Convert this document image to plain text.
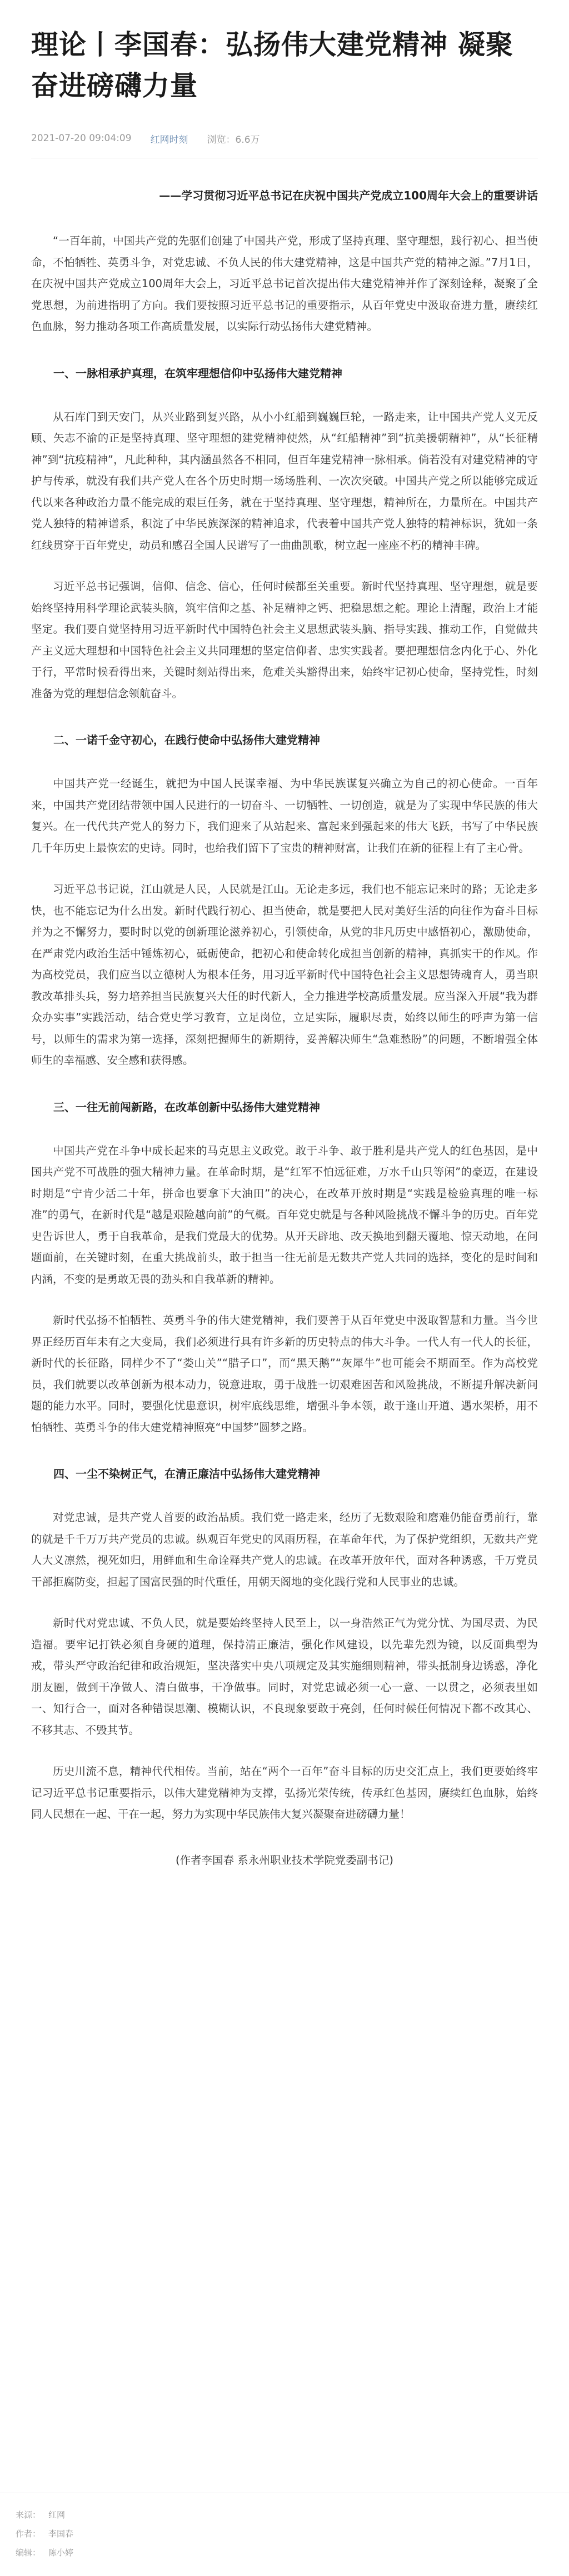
理论丨李国春：弘扬伟大建党精神 凝聚奋进磅礴力量
2021-07-20 09:04:09 红网时刻 浏览：6.6万

——学习贯彻习近平总书记在庆祝中国共产党成立100周年大会上的重要讲话

“一百年前，中国共产党的先驱们创建了中国共产党，形成了坚持真理、坚守理想，践行初心、担当使命，不怕牺牲、英勇斗争，对党忠诚、不负人民的伟大建党精神，这是中国共产党的精神之源。”7月1日，在庆祝中国共产党成立100周年大会上，习近平总书记首次提出伟大建党精神并作了深刻诠释，凝聚了全党思想，为前进指明了方向。我们要按照习近平总书记的重要指示，从百年党史中汲取奋进力量，赓续红色血脉，努力推动各项工作高质量发展，以实际行动弘扬伟大建党精神。

一、一脉相承护真理，在筑牢理想信仰中弘扬伟大建党精神

从石库门到天安门，从兴业路到复兴路，从小小红船到巍巍巨轮，一路走来，让中国共产党人义无反顾、矢志不渝的正是坚持真理、坚守理想的建党精神使然，从“红船精神”到“抗美援朝精神”，从“长征精神”到“抗疫精神”，凡此种种，其内涵虽然各不相同，但百年建党精神一脉相承。倘若没有对建党精神的守护与传承，就没有我们共产党人在各个历史时期一场场胜利、一次次突破。中国共产党之所以能够完成近代以来各种政治力量不能完成的艰巨任务，就在于坚持真理、坚守理想，精神所在，力量所在。中国共产党人独特的精神谱系，积淀了中华民族深深的精神追求，代表着中国共产党人独特的精神标识，犹如一条红线贯穿于百年党史，动员和感召全国人民谱写了一曲曲凯歌，树立起一座座不朽的精神丰碑。

习近平总书记强调，信仰、信念、信心，任何时候都至关重要。新时代坚持真理、坚守理想，就是要始终坚持用科学理论武装头脑，筑牢信仰之基、补足精神之钙、把稳思想之舵。理论上清醒，政治上才能坚定。我们要自觉坚持用习近平新时代中国特色社会主义思想武装头脑、指导实践、推动工作，自觉做共产主义远大理想和中国特色社会主义共同理想的坚定信仰者、忠实实践者。要把理想信念内化于心、外化于行，平常时候看得出来，关键时刻站得出来，危难关头豁得出来，始终牢记初心使命，坚持党性，时刻准备为党的理想信念领航奋斗。

二、一诺千金守初心，在践行使命中弘扬伟大建党精神

中国共产党一经诞生，就把为中国人民谋幸福、为中华民族谋复兴确立为自己的初心使命。一百年来，中国共产党团结带领中国人民进行的一切奋斗、一切牺牲、一切创造，就是为了实现中华民族的伟大复兴。在一代代共产党人的努力下，我们迎来了从站起来、富起来到强起来的伟大飞跃，书写了中华民族几千年历史上最恢宏的史诗。同时，也给我们留下了宝贵的精神财富，让我们在新的征程上有了主心骨。

习近平总书记说，江山就是人民，人民就是江山。无论走多远，我们也不能忘记来时的路；无论走多快，也不能忘记为什么出发。新时代践行初心、担当使命，就是要把人民对美好生活的向往作为奋斗目标并为之不懈努力，要时时以党的创新理论滋养初心，引领使命，从党的非凡历史中感悟初心，激励使命，在严肃党内政治生活中锤炼初心，砥砺使命，把初心和使命转化成担当创新的精神，真抓实干的作风。作为高校党员，我们应当以立德树人为根本任务，用习近平新时代中国特色社会主义思想铸魂育人，勇当职教改革排头兵，努力培养担当民族复兴大任的时代新人，全力推进学校高质量发展。应当深入开展“我为群众办实事”实践活动，结合党史学习教育，立足岗位，立足实际，履职尽责，始终以师生的呼声为第一信号，以师生的需求为第一选择，深刻把握师生的新期待，妥善解决师生“急难愁盼”的问题，不断增强全体师生的幸福感、安全感和获得感。

三、一往无前闯新路，在改革创新中弘扬伟大建党精神

中国共产党在斗争中成长起来的马克思主义政党。敢于斗争、敢于胜利是共产党人的红色基因，是中国共产党不可战胜的强大精神力量。在革命时期，是“红军不怕远征难，万水千山只等闲”的豪迈，在建设时期是“宁肯少活二十年，拼命也要拿下大油田”的决心，在改革开放时期是“实践是检验真理的唯一标准”的勇气，在新时代是“越是艰险越向前”的气概。百年党史就是与各种风险挑战不懈斗争的历史。百年党史告诉世人，勇于自我革命，是我们党最大的优势。从开天辟地、改天换地到翻天覆地、惊天动地，在问题面前，在关键时刻，在重大挑战前头，敢于担当一往无前是无数共产党人共同的选择，变化的是时间和内涵，不变的是勇敢无畏的劲头和自我革新的精神。

新时代弘扬不怕牺牲、英勇斗争的伟大建党精神，我们要善于从百年党史中汲取智慧和力量。当今世界正经历百年未有之大变局，我们必须进行具有许多新的历史特点的伟大斗争。一代人有一代人的长征，新时代的长征路，同样少不了“娄山关”“腊子口”，而“黑天鹅”“灰犀牛”也可能会不期而至。作为高校党员，我们就要以改革创新为根本动力，锐意进取，勇于战胜一切艰难困苦和风险挑战，不断提升解决新问题的能力水平。同时，要强化忧患意识，树牢底线思维，增强斗争本领，敢于逢山开道、遇水架桥，用不怕牺牲、英勇斗争的伟大建党精神照亮“中国梦”圆梦之路。

四、一尘不染树正气，在清正廉洁中弘扬伟大建党精神

对党忠诚，是共产党人首要的政治品质。我们党一路走来，经历了无数艰险和磨难仍能奋勇前行，靠的就是千千万万共产党员的忠诚。纵观百年党史的风雨历程，在革命年代，为了保护党组织，无数共产党人大义凛然，视死如归，用鲜血和生命诠释共产党人的忠诚。在改革开放年代，面对各种诱惑，千万党员干部拒腐防变，担起了国富民强的时代重任，用朝天阁地的变化践行党和人民事业的忠诚。

新时代对党忠诚、不负人民，就是要始终坚持人民至上，以一身浩然正气为党分忧、为国尽责、为民造福。要牢记打铁必须自身硬的道理，保持清正廉洁，强化作风建设，以先辈先烈为镜，以反面典型为戒，带头严守政治纪律和政治规矩，坚决落实中央八项规定及其实施细则精神，带头抵制身边诱惑，净化朋友圈，做到干净做人、清白做事，干净做事。同时，对党忠诚必须一心一意、一以贯之，必须表里如一、知行合一，面对各种错误思潮、模糊认识，不良现象要敢于亮剑，任何时候任何情况下都不改其心、不移其志、不毁其节。

历史川流不息，精神代代相传。当前，站在“两个一百年”奋斗目标的历史交汇点上，我们更要始终牢记习近平总书记重要指示，以伟大建党精神为支撑，弘扬光荣传统，传承红色基因，赓续红色血脉，始终同人民想在一起、干在一起，努力为实现中华民族伟大复兴凝聚奋进磅礴力量！

(作者李国春 系永州职业技术学院党委副书记)
来源： 红网
作者： 李国春
编辑： 陈小婷
